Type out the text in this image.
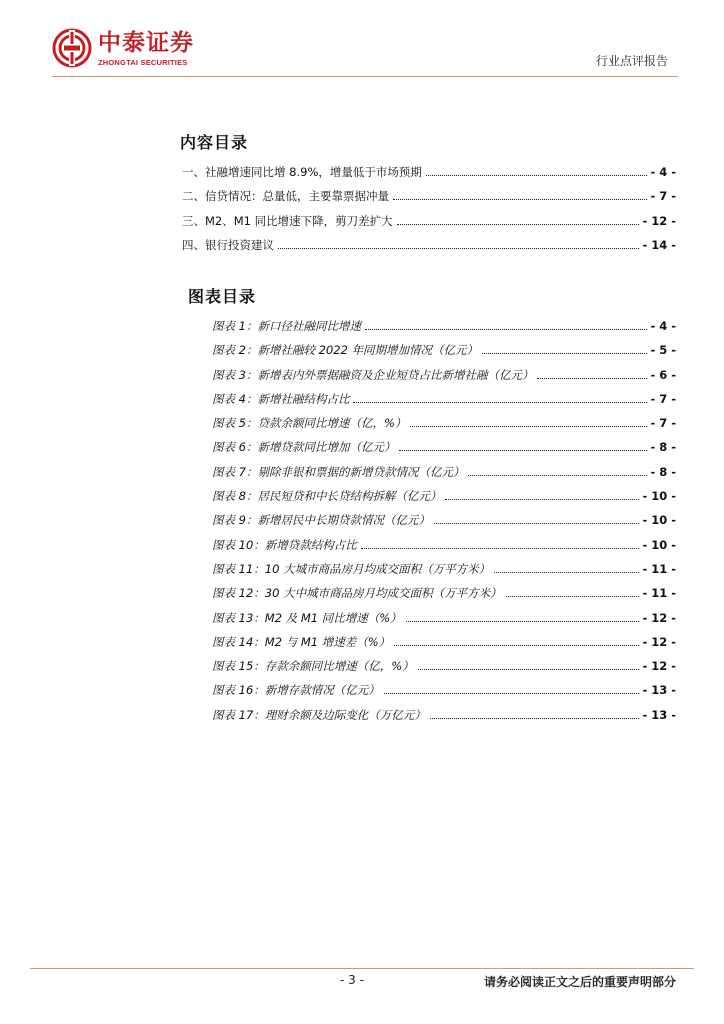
中泰证券
ZHONGTAI SECURITIES	行业点评报告
内容目录
一、社融增速同比增 8.9%，增量低于市场预期	- 4 -
二、信贷情况：总量低，主要靠票据冲量	- 7 -
三、M2、M1 同比增速下降，剪刀差扩大	- 12 -
四、银行投资建议	- 14 -
图表目录
图表 1：新口径社融同比增速	- 4 -
图表 2：新增社融较 2022 年同期增加情况（亿元）	- 5 -
图表 3：新增表内外票据融资及企业短贷占比新增社融（亿元）	- 6 -
图表 4：新增社融结构占比	- 7 -
图表 5：贷款余额同比增速（亿，%）	- 7 -
图表 6：新增贷款同比增加（亿元）	- 8 -
图表 7：剔除非银和票据的新增贷款情况（亿元）	- 8 -
图表 8：居民短贷和中长贷结构拆解（亿元）	- 10 -
图表 9：新增居民中长期贷款情况（亿元）	- 10 -
图表 10：新增贷款结构占比	- 10 -
图表 11：10 大城市商品房月均成交面积（万平方米）	- 11 -
图表 12：30 大中城市商品房月均成交面积（万平方米）	- 11 -
图表 13：M2 及 M1 同比增速（%）	- 12 -
图表 14：M2 与 M1 增速差（%）	- 12 -
图表 15：存款余额同比增速（亿，%）	- 12 -
图表 16：新增存款情况（亿元）	- 13 -
图表 17：理财余额及边际变化（万亿元）	- 13 -
- 3 -	请务必阅读正文之后的重要声明部分
